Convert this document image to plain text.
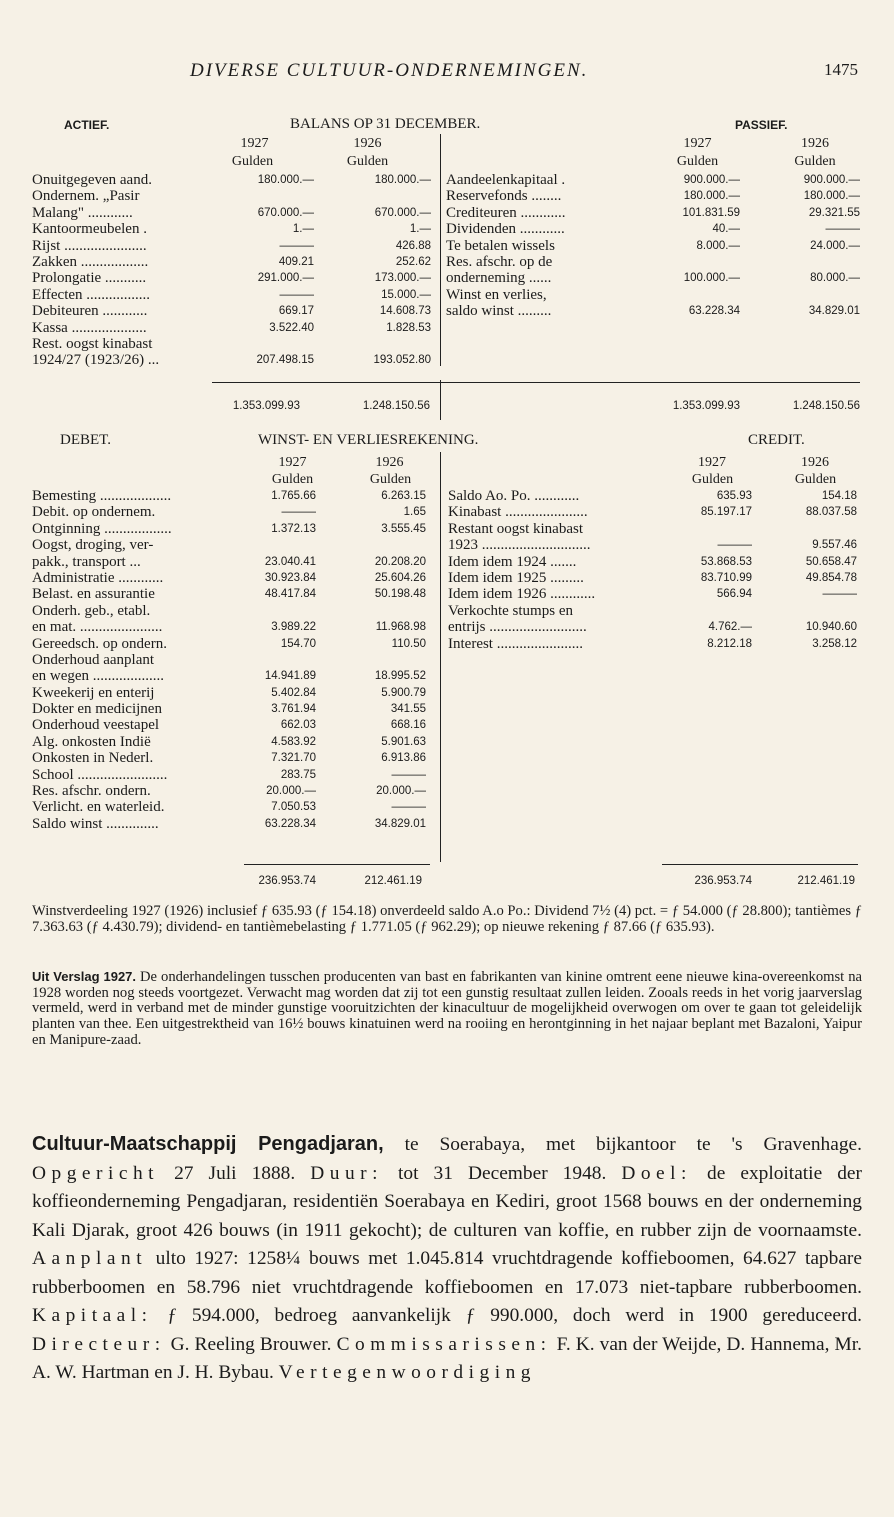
DIVERSE CULTUUR-ONDERNEMINGEN.	1475
ACTIEF.	BALANS OP 31 DECEMBER.	PASSIEF.
1927	1926
Gulden	Gulden
1927	1926
Gulden	Gulden
Onuitgegeven aand.	180.000.—	180.000.—
Ondernem. „Pasir
Malang" ............	670.000.—	670.000.—
Kantoormeubelen .	1.—	1.—
Rijst ......................	———	426.88
Zakken ..................	409.21	252.62
Prolongatie ...........	291.000.—	173.000.—
Effecten .................	———	15.000.—
Debiteuren ............	669.17	14.608.73
Kassa ....................	3.522.40	1.828.53
Rest. oogst kinabast
1924/27 (1923/26) ...	207.498.15	193.052.80
Aandeelenkapitaal .	900.000.—	900.000.—
Reservefonds ........	180.000.—	180.000.—
Crediteuren ............	101.831.59	29.321.55
Dividenden ............	40.—	———
Te betalen wissels	8.000.—	24.000.—
Res. afschr. op de
onderneming ......	100.000.—	80.000.—
Winst en verlies,
saldo winst .........	63.228.34	34.829.01
1.353.099.93	1.248.150.56	1.353.099.93	1.248.150.56
DEBET.	WINST- EN VERLIESREKENING.	CREDIT.
1927	1926
Gulden	Gulden
1927	1926
Gulden	Gulden
Bemesting ...................	1.765.66	6.263.15
Debit. op ondernem.	———	1.65
Ontginning ..................	1.372.13	3.555.45
Oogst, droging, ver-
pakk., transport ...	23.040.41	20.208.20
Administratie ............	30.923.84	25.604.26
Belast. en assurantie	48.417.84	50.198.48
Onderh. geb., etabl.
en mat. ......................	3.989.22	11.968.98
Gereedsch. op ondern.	154.70	110.50
Onderhoud aanplant
en wegen ...................	14.941.89	18.995.52
Kweekerij en enterij	5.402.84	5.900.79
Dokter en medicijnen	3.761.94	341.55
Onderhoud veestapel	662.03	668.16
Alg. onkosten Indië	4.583.92	5.901.63
Onkosten in Nederl.	7.321.70	6.913.86
School ........................	283.75	———
Res. afschr. ondern.	20.000.—	20.000.—
Verlicht. en waterleid.	7.050.53	———
Saldo winst ..............	63.228.34	34.829.01
Saldo Ao. Po. ............	635.93	154.18
Kinabast ......................	85.197.17	88.037.58
Restant oogst kinabast
1923 .............................	———	9.557.46
Idem idem 1924 .......	53.868.53	50.658.47
Idem idem 1925 .........	83.710.99	49.854.78
Idem idem 1926 ............	566.94	———
Verkochte stumps en
entrijs ..........................	4.762.—	10.940.60
Interest .......................	8.212.18	3.258.12
236.953.74	212.461.19	236.953.74	212.461.19
Winstverdeeling 1927 (1926) inclusief ƒ 635.93 (ƒ 154.18) onverdeeld saldo A.o Po.: Dividend 7½ (4) pct. = ƒ 54.000 (ƒ 28.800); tantièmes ƒ 7.363.63 (ƒ 4.430.79); dividend- en tantièmebelasting ƒ 1.771.05 (ƒ 962.29); op nieuwe rekening ƒ 87.66 (ƒ 635.93).
Uit Verslag 1927. De onderhandelingen tusschen producenten van bast en fabrikanten van kinine omtrent eene nieuwe kina-overeenkomst na 1928 worden nog steeds voortgezet. Verwacht mag worden dat zij tot een gunstig resultaat zullen leiden. Zooals reeds in het vorig jaarverslag vermeld, werd in verband met de minder gunstige vooruitzichten der kinacultuur de mogelijkheid overwogen om over te gaan tot geleidelijk planten van thee. Een uitgestrektheid van 16½ bouws kinatuinen werd na rooiing en herontginning in het najaar beplant met Bazaloni, Yaipur en Manipure-zaad.
Cultuur-Maatschappij Pengadjaran, te Soerabaya, met bijkantoor te 's Gravenhage. Opgericht 27 Juli 1888. Duur: tot 31 December 1948. Doel: de exploitatie der koffieonderneming Pengadjaran, residentiën Soerabaya en Kediri, groot 1568 bouws en der onderneming Kali Djarak, groot 426 bouws (in 1911 gekocht); de culturen van koffie, en rubber zijn de voornaamste. Aanplant ulto 1927: 1258¼ bouws met 1.045.814 vruchtdragende koffieboomen, 64.627 tapbare rubberboomen en 58.796 niet vruchtdragende koffieboomen en 17.073 niet-tapbare rubberboomen. Kapitaal: ƒ 594.000, bedroeg aanvankelijk ƒ 990.000, doch werd in 1900 gereduceerd. Directeur: G. Reeling Brouwer. Commissarissen: F. K. van der Weijde, D. Hannema, Mr. A. W. Hartman en J. H. Bybau. Vertegenwoordiging
